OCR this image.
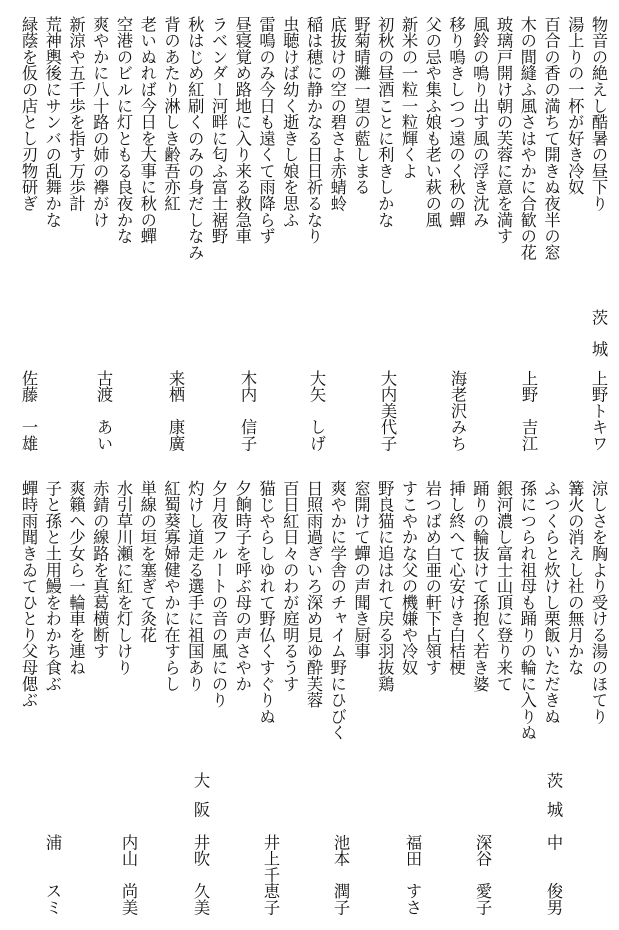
物音の絶えし酷暑の昼下り
湯上りの一杯が好き冷奴
百合の香の満ちて開きぬ夜半の窓
木の間縫ふ風さはやかに合歓の花
玻璃戸開け朝の芙蓉に意を満す
風鈴の鳴り出す風の浮き沈み
移り鳴きしつつ遠のく秋の蟬
父の忌や集ふ娘も老い萩の風
新米の一粒一粒輝くよ
初秋の昼酒ことに利きしかな
野菊晴灘一望の藍しまる
底抜けの空の碧さよ赤蜻蛉
稲は穂に静かなる日日祈るなり
虫聴けば幼く逝きし娘を思ふ
雷鳴のみ今日も遠くて雨降らず
昼寝覚め路地に入り来る救急車
ラベンダー河畔に匂ふ富士裾野
秋はじめ紅刷くのみの身だしなみ
背のあたり淋しき齢吾亦紅
老いぬれば今日を大事に秋の蟬
空港のビルに灯ともる良夜かな
爽やかに八十路の姉の襷がけ
新涼や五千歩を指す万歩計
荒神輿後にサンバの乱舞かな
緑蔭を仮の店とし刃物研ぎ
茨城
上野トキワ
上野　吉江
海老沢みち
大内美代子
大矢　しげ
木内　信子
来栖　康廣
古渡　あい
佐藤　一雄
涼しさを胸より受ける湯のほてり
篝火の消えし社の無月かな
ふつくらと炊けし栗飯いただきぬ
孫につられ祖母も踊りの輪に入りぬ
銀河濃し富士山頂に登り来て
踊りの輪抜けて孫抱く若き婆
挿し終へて心安けき白桔梗
岩つばめ白亜の軒下占領す
すこやかな父の機嫌や冷奴
野良猫に追はれて戻る羽抜鶏
窓開けて蟬の声聞き厨事
爽やかに学舎のチャイム野にひびく
日照雨過ぎいろ深め見ゆ酔芙蓉
百日紅日々のわが庭明るうす
猫じやらしゆれて野仏くすぐりぬ
夕餉時子を呼ぶ母の声さやか
夕月夜フルートの音の風にのり
灼けし道走る選手に祖国あり
紅蜀葵寡婦健やかに在すらし
単線の垣を塞ぎて灸花
水引草川瀬に紅を灯しけり
赤錆の線路を真葛横断す
爽籟へ少女ら一輪車を連ね
子と孫と土用鰻をわかち食ぶ
蟬時雨聞きゐてひとり父母偲ぶ
茨城
大阪
中　　俊男
深谷　愛子
福田　すさ
池本　潤子
井上千恵子
井吹　久美
内山　尚美
浦　　スミ
